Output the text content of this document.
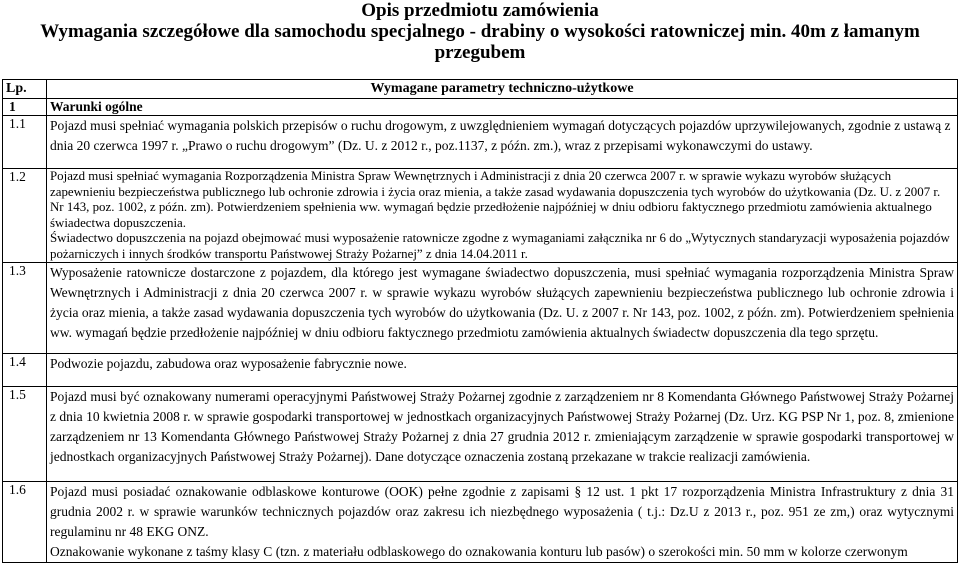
Opis przedmiotu zamówienia
Wymagania szczegółowe dla samochodu specjalnego - drabiny o wysokości ratowniczej min. 40m z łamanym
przegubem
Lp.	Wymagane parametry techniczno-użytkowe
1	Warunki ogólne
1.1	Pojazd musi spełniać wymagania polskich przepisów o ruchu drogowym, z uwzględnieniem wymagań dotyczących pojazdów uprzywilejowanych, zgodnie z ustawą z dnia 20 czerwca 1997 r. „Prawo o ruchu drogowym” (Dz. U. z 2012 r., poz.1137, z późn. zm.), wraz z przepisami wykonawczymi do ustawy.

1.2	Pojazd musi spełniać wymagania Rozporządzenia Ministra Spraw Wewnętrznych i Administracji z dnia 20 czerwca 2007 r. w sprawie wykazu wyrobów służących zapewnieniu bezpieczeństwa publicznego lub ochronie zdrowia i życia oraz mienia, a także zasad wydawania dopuszczenia tych wyrobów do użytkowania (Dz. U. z 2007 r. Nr 143, poz. 1002, z późn. zm). Potwierdzeniem spełnienia ww. wymagań będzie przedłożenie najpóźniej w dniu odbioru faktycznego przedmiotu zamówienia aktualnego świadectwa dopuszczenia.

Świadectwo dopuszczenia na pojazd obejmować musi wyposażenie ratownicze zgodne z wymaganiami załącznika nr 6 do „Wytycznych standaryzacji wyposażenia pojazdów pożarniczych i innych środków transportu Państwowej Straży Pożarnej” z dnia 14.04.2011 r.

1.3	Wyposażenie ratownicze dostarczone z pojazdem, dla którego jest wymagane świadectwo dopuszczenia, musi spełniać wymagania rozporządzenia Ministra Spraw Wewnętrznych i Administracji z dnia 20 czerwca 2007 r. w sprawie wykazu wyrobów służących zapewnieniu bezpieczeństwa publicznego lub ochronie zdrowia i życia oraz mienia, a także zasad wydawania dopuszczenia tych wyrobów do użytkowania (Dz. U. z 2007 r. Nr 143, poz. 1002, z późn. zm). Potwierdzeniem spełnienia ww. wymagań będzie przedłożenie najpóźniej w dniu odbioru faktycznego przedmiotu zamówienia aktualnych świadectw dopuszczenia dla tego sprzętu.

1.4	Podwozie pojazdu, zabudowa oraz wyposażenie fabrycznie nowe.

1.5	Pojazd musi być oznakowany numerami operacyjnymi Państwowej Straży Pożarnej zgodnie z zarządzeniem nr 8 Komendanta Głównego Państwowej Straży Pożarnej z dnia 10 kwietnia 2008 r. w sprawie gospodarki transportowej w jednostkach organizacyjnych Państwowej Straży Pożarnej (Dz. Urz. KG PSP Nr 1, poz. 8, zmienione zarządzeniem nr 13 Komendanta Głównego Państwowej Straży Pożarnej z dnia 27 grudnia 2012 r. zmieniającym zarządzenie w sprawie gospodarki transportowej w jednostkach organizacyjnych Państwowej Straży Pożarnej). Dane dotyczące oznaczenia zostaną przekazane w trakcie realizacji zamówienia.

1.6	Pojazd musi posiadać oznakowanie odblaskowe konturowe (OOK) pełne zgodnie z zapisami § 12 ust. 1 pkt 17 rozporządzenia Ministra Infrastruktury z dnia 31 grudnia 2002 r. w sprawie warunków technicznych pojazdów oraz zakresu ich niezbędnego wyposażenia ( t.j.: Dz.U z 2013 r., poz. 951 ze zm,) oraz wytycznymi regulaminu nr 48 EKG ONZ.

Oznakowanie wykonane z taśmy klasy C (tzn. z materiału odblaskowego do oznakowania konturu lub pasów) o szerokości min. 50 mm w kolorze czerwonym
